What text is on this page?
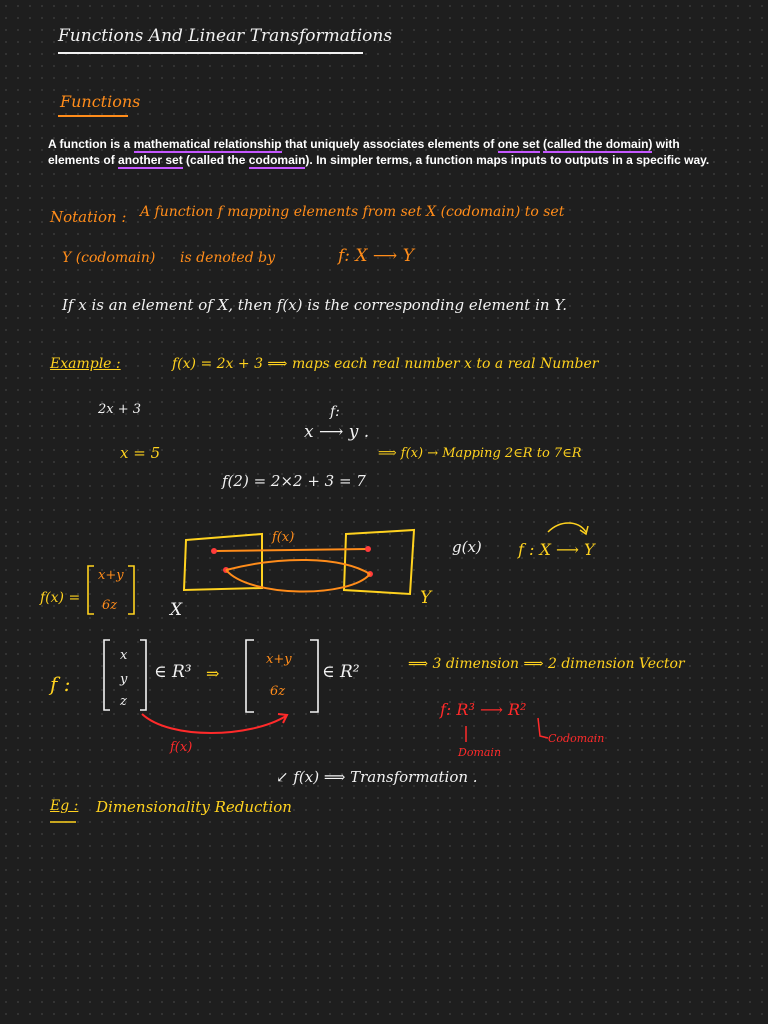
Functions And Linear Transformations
Functions

A function is a mathematical relationship that uniquely associates elements of one set (called the domain) with elements of another set (called the codomain). In simpler terms, a function maps inputs to outputs in a specific way.

Notation : A function f mapping elements from set X (codomain) to set
Y (codomain) is denoted by	f: X ⟶ Y
If x is an element of X, then f(x) is the corresponding element in Y.
Example :	f(x) = 2x + 3 ⟹ maps each real number x to a real Number
2x + 3
x = 5
f:
x ⟶ y .
f(2) = 2×2 + 3 = 7
⟹ f(x) → Mapping 2∈R to 7∈R
f(x)
g(x) f : X ⟶ Y
X
Y
f(x) =
x+y
6z
f :
x
y
z
∈ R³ ⇒
x+y
6z
∈ R²	⟹ 3 dimension ⟹ 2 dimension Vector
f(x)
f: R³ ⟶ R²
Domain
Codomain
↙ f(x) ⟹ Transformation .
Eg : Dimensionality Reduction
